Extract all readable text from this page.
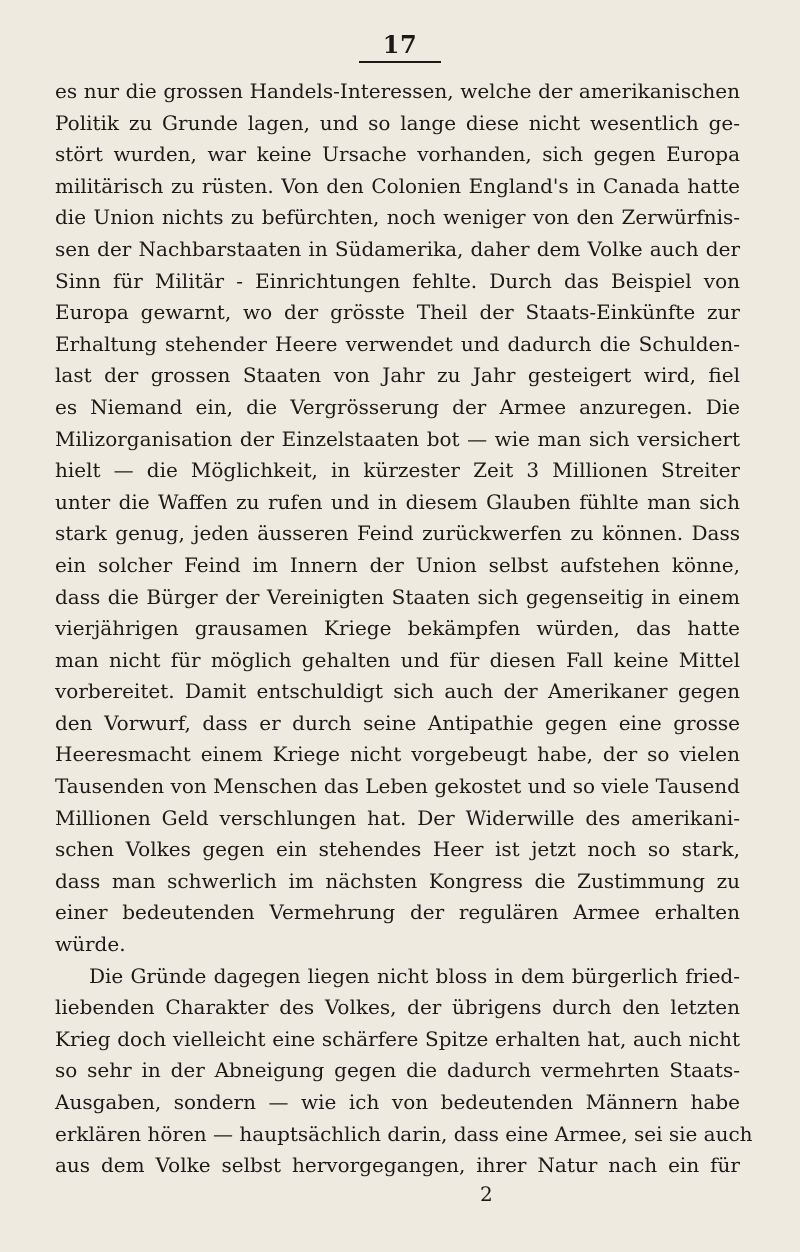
17
es nur die grossen Handels-Interessen, welche der amerikanischen
Politik zu Grunde lagen, und so lange diese nicht wesentlich ge-
stört wurden, war keine Ursache vorhanden, sich gegen Europa
militärisch zu rüsten. Von den Colonien England's in Canada hatte
die Union nichts zu befürchten, noch weniger von den Zerwürfnis-
sen der Nachbarstaaten in Südamerika, daher dem Volke auch der
Sinn für Militär - Einrichtungen fehlte. Durch das Beispiel von
Europa gewarnt, wo der grösste Theil der Staats-Einkünfte zur
Erhaltung stehender Heere verwendet und dadurch die Schulden-
last der grossen Staaten von Jahr zu Jahr gesteigert wird, fiel
es Niemand ein, die Vergrösserung der Armee anzuregen. Die
Milizorganisation der Einzelstaaten bot — wie man sich versichert
hielt — die Möglichkeit, in kürzester Zeit 3 Millionen Streiter
unter die Waffen zu rufen und in diesem Glauben fühlte man sich
stark genug, jeden äusseren Feind zurückwerfen zu können. Dass
ein solcher Feind im Innern der Union selbst aufstehen könne,
dass die Bürger der Vereinigten Staaten sich gegenseitig in einem
vierjährigen grausamen Kriege bekämpfen würden, das hatte
man nicht für möglich gehalten und für diesen Fall keine Mittel
vorbereitet. Damit entschuldigt sich auch der Amerikaner gegen
den Vorwurf, dass er durch seine Antipathie gegen eine grosse
Heeresmacht einem Kriege nicht vorgebeugt habe, der so vielen
Tausenden von Menschen das Leben gekostet und so viele Tausend
Millionen Geld verschlungen hat. Der Widerwille des amerikani-
schen Volkes gegen ein stehendes Heer ist jetzt noch so stark,
dass man schwerlich im nächsten Kongress die Zustimmung zu
einer bedeutenden Vermehrung der regulären Armee erhalten
würde.
Die Gründe dagegen liegen nicht bloss in dem bürgerlich fried-
liebenden Charakter des Volkes, der übrigens durch den letzten
Krieg doch vielleicht eine schärfere Spitze erhalten hat, auch nicht
so sehr in der Abneigung gegen die dadurch vermehrten Staats-
Ausgaben, sondern — wie ich von bedeutenden Männern habe
erklären hören — hauptsächlich darin, dass eine Armee, sei sie auch
aus dem Volke selbst hervorgegangen, ihrer Natur nach ein für
2
